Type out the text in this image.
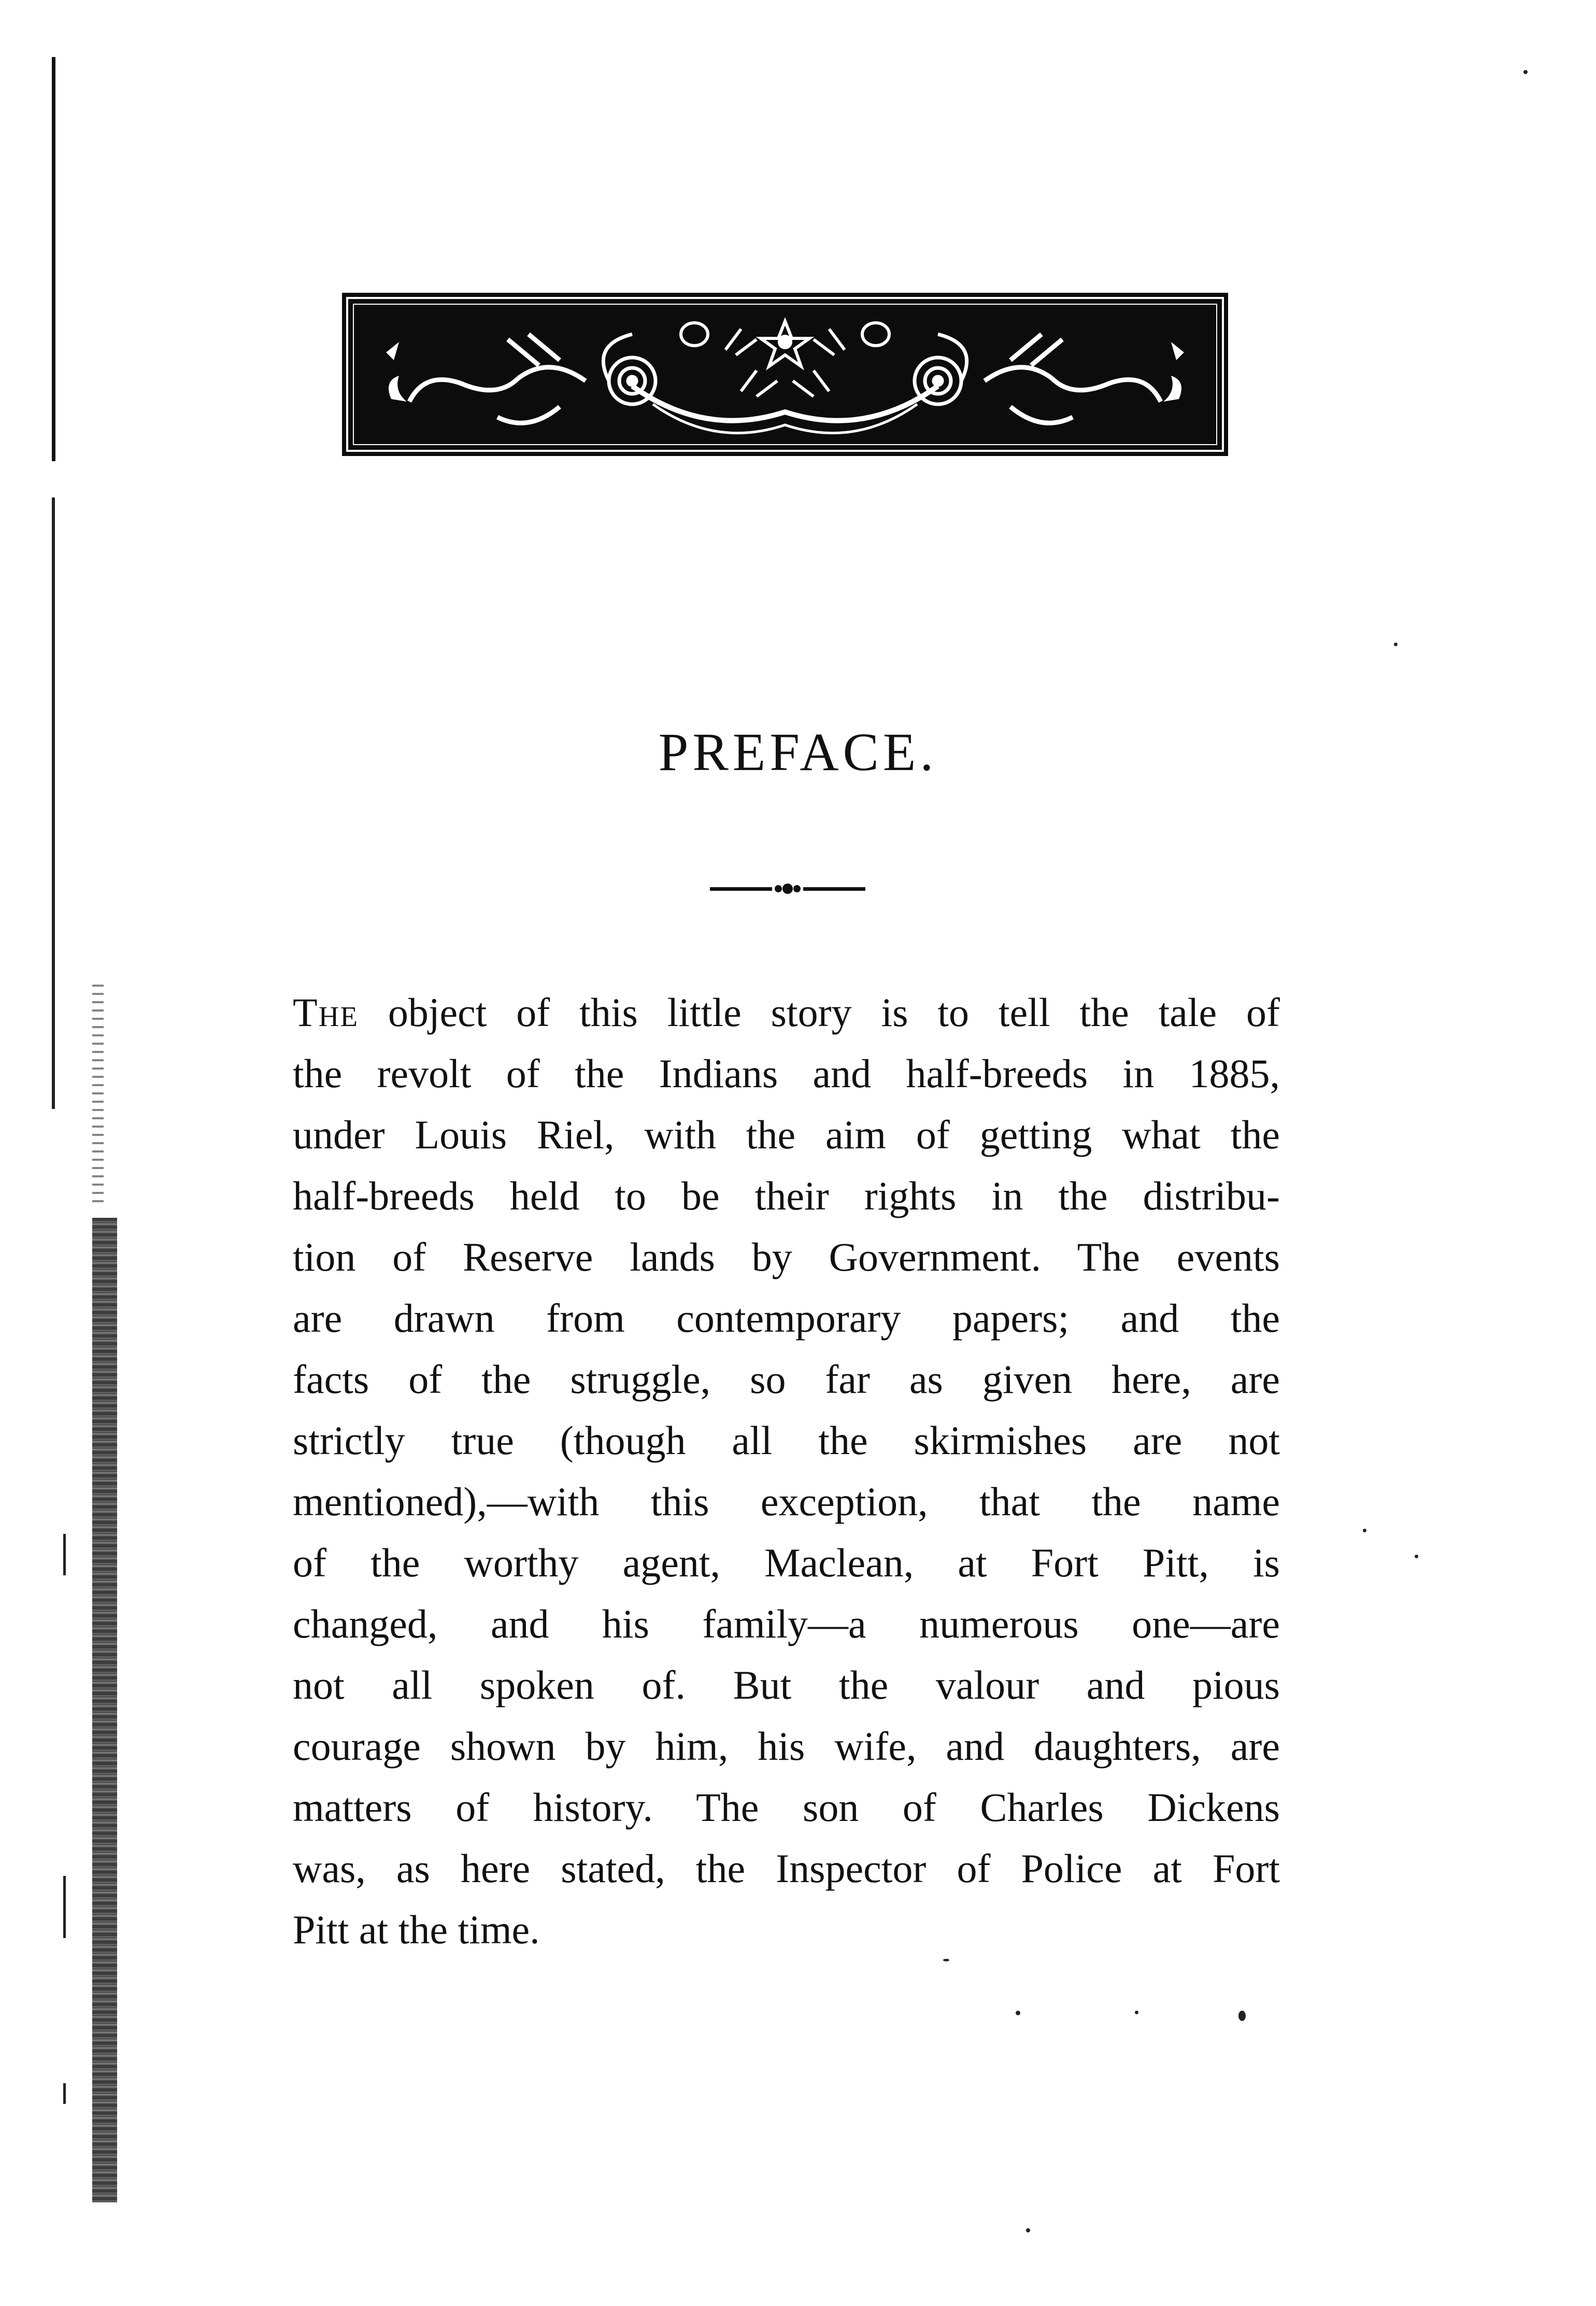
PREFACE.
The object of this little story is to tell the tale of
the revolt of the Indians and half-breeds in 1885,
under Louis Riel, with the aim of getting what the
half-breeds held to be their rights in the distribu-
tion of Reserve lands by Government. The events
are drawn from contemporary papers; and the
facts of the struggle, so far as given here, are
strictly true (though all the skirmishes are not
mentioned),—with this exception, that the name
of the worthy agent, Maclean, at Fort Pitt, is
changed, and his family—a numerous one—are
not all spoken of. But the valour and pious
courage shown by him, his wife, and daughters, are
matters of history. The son of Charles Dickens
was, as here stated, the Inspector of Police at Fort
Pitt at the time.
